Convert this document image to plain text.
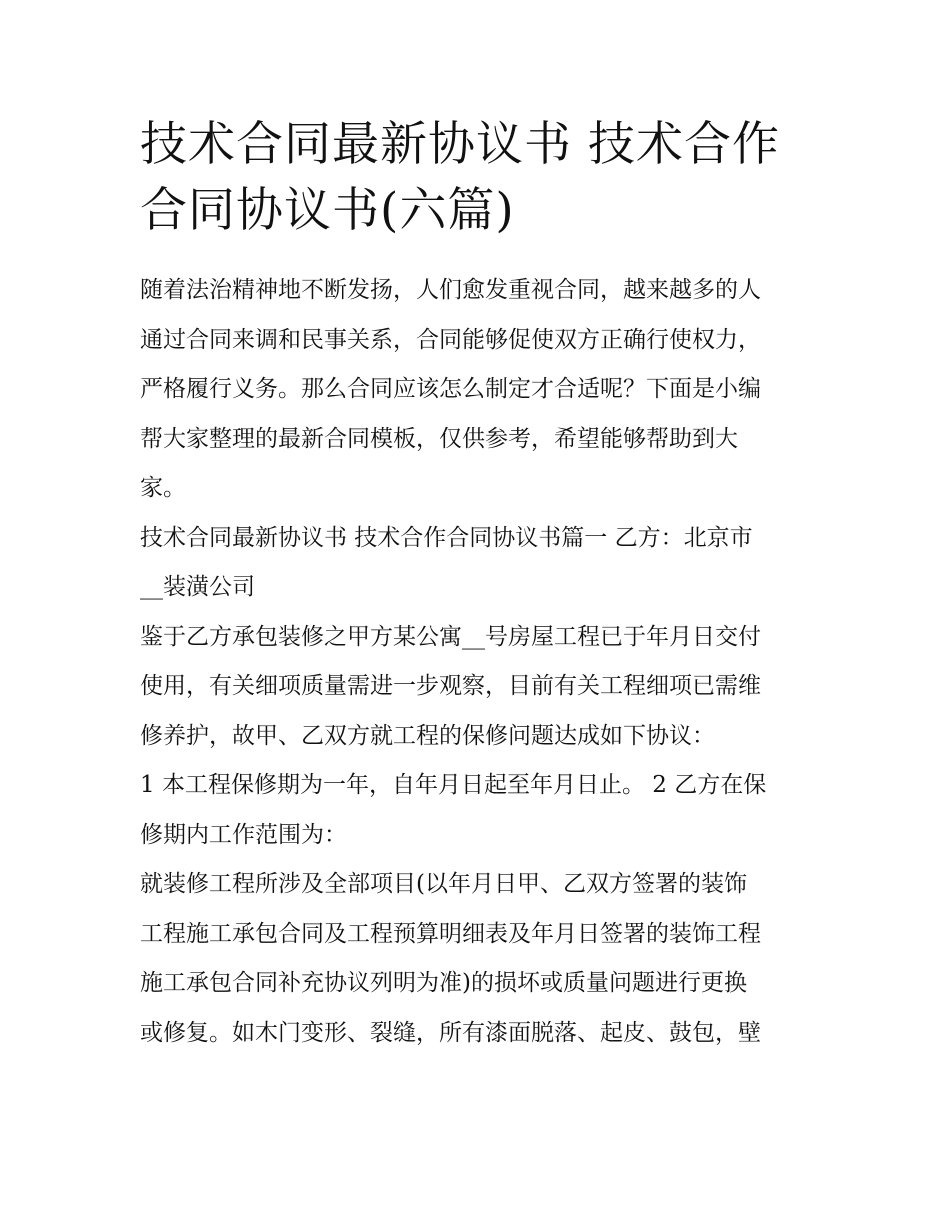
技术合同最新协议书 技术合作
合同协议书(六篇)

随着法治精神地不断发扬，人们愈发重视合同，越来越多的人
通过合同来调和民事关系，合同能够促使双方正确行使权力，
严格履行义务。那么合同应该怎么制定才合适呢？下面是小编
帮大家整理的最新合同模板，仅供参考，希望能够帮助到大
家。

技术合同最新协议书 技术合作合同协议书篇一 乙方：北京市
__装潢公司

鉴于乙方承包装修之甲方某公寓__号房屋工程已于年月日交付
使用，有关细项质量需进一步观察，目前有关工程细项已需维
修养护，故甲、乙双方就工程的保修问题达成如下协议：

1 本工程保修期为一年，自年月日起至年月日止。 2 乙方在保
修期内工作范围为：

就装修工程所涉及全部项目(以年月日甲、乙双方签署的装饰
工程施工承包合同及工程预算明细表及年月日签署的装饰工程
施工承包合同补充协议列明为准)的损坏或质量问题进行更换
或修复。如木门变形、裂缝，所有漆面脱落、起皮、鼓包，壁
